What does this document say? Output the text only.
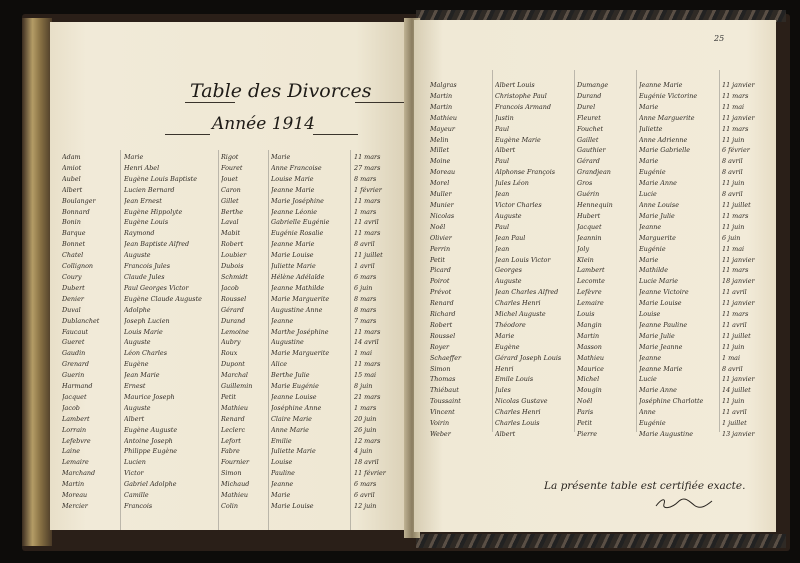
Table des Divorces
Année 1914
Adam
Amiot
Aubel
Albert
Boulanger
Bonnard
Bonin
Barque
Bonnet
Chatel
Collignon
Coury
Dubert
Denier
Duval
Dublanchet
Faucaut
Gueret
Gaudin
Grenard
Guerin
Harmand
Jacquet
Jacob
Lambert
Lorrain
Lefebvre
Laine
Lemaire
Marchand
Martin
Moreau
Mercier
Marie
Henri Abel
Eugène Louis Baptiste
Lucien Bernard
Jean Ernest
Eugène Hippolyte
Eugène Louis
Raymond
Jean Baptiste Alfred
Auguste
Francois Jules
Claude Jules
Paul Georges Victor
Eugène Claude Auguste
Adolphe
Joseph Lucien
Louis Marie
Auguste
Léon Charles
Eugène
Jean Marie
Ernest
Maurice Joseph
Auguste
Albert
Eugène Auguste
Antoine Joseph
Philippe Eugène
Lucien
Victor
Gabriel Adolphe
Camille
Francois
Rigot
Fouret
Jouet
Caron
Gillet
Berthe
Laval
Mabit
Robert
Loubier
Dubois
Schmidt
Jacob
Roussel
Gérard
Durand
Lemoine
Aubry
Roux
Dupont
Marchal
Guillemin
Petit
Mathieu
Renard
Leclerc
Lefort
Fabre
Fournier
Simon
Michaud
Mathieu
Colin
Marie
Anne Francoise
Louise Marie
Jeanne Marie
Marie Joséphine
Jeanne Léonie
Gabrielle Eugénie
Eugénie Rosalie
Jeanne Marie
Marie Louise
Juliette Marie
Hélène Adélaïde
Jeanne Mathilde
Marie Marguerite
Augustine Anne
Jeanne
Marthe Joséphine
Augustine
Marie Marguerite
Alice
Berthe Julie
Marie Eugénie
Jeanne Louise
Joséphine Anne
Claire Marie
Anne Marie
Emilie
Juliette Marie
Louise
Pauline
Jeanne
Marie
Marie Louise
11 mars
27 mars
8 mars
1 février
11 mars
1 mars
11 avril
11 mars
8 avril
11 juillet
1 avril
6 mars
6 juin
8 mars
8 mars
7 mars
11 mars
14 avril
1 mai
11 mars
15 mai
8 juin
21 mars
1 mars
20 juin
26 juin
12 mars
4 juin
18 avril
11 février
6 mars
6 avril
12 juin
25
Malgras
Martin
Martin
Mathieu
Mayeur
Melin
Millet
Moine
Moreau
Morel
Muller
Munier
Nicolas
Noël
Olivier
Perrin
Petit
Picard
Poirot
Prévot
Renard
Richard
Robert
Roussel
Royer
Schaeffer
Simon
Thomas
Thiébaut
Toussaint
Vincent
Voirin
Weber
Albert Louis
Christophe Paul
Francois Armand
Justin
Paul
Eugène Marie
Albert
Paul
Alphonse François
Jules Léon
Jean
Victor Charles
Auguste
Paul
Jean Paul
Jean
Jean Louis Victor
Georges
Auguste
Jean Charles Alfred
Charles Henri
Michel Auguste
Théodore
Marie
Eugène
Gérard Joseph Louis
Henri
Emile Louis
Jules
Nicolas Gustave
Charles Henri
Charles Louis
Albert
Dumange
Durand
Durel
Fleuret
Fouchet
Gaillet
Gauthier
Gérard
Grandjean
Gros
Guérin
Hennequin
Hubert
Jacquet
Jeannin
Joly
Klein
Lambert
Lecomte
Lefèvre
Lemaire
Louis
Mangin
Martin
Masson
Mathieu
Maurice
Michel
Mougin
Noël
Paris
Petit
Pierre
Jeanne Marie
Eugénie Victorine
Marie
Anne Marguerite
Juliette
Anne Adrienne
Marie Gabrielle
Marie
Eugénie
Marie Anne
Lucie
Anne Louise
Marie Julie
Jeanne
Marguerite
Eugénie
Marie
Mathilde
Lucie Marie
Jeanne Victoire
Marie Louise
Louise
Jeanne Pauline
Marie Julie
Marie Jeanne
Jeanne
Jeanne Marie
Lucie
Marie Anne
Joséphine Charlotte
Anne
Eugénie
Marie Augustine
11 janvier
11 mars
11 mai
11 janvier
11 mars
11 juin
6 février
8 avril
8 avril
11 juin
8 avril
11 juillet
11 mars
11 juin
6 juin
11 mai
11 janvier
11 mars
18 janvier
11 avril
11 janvier
11 mars
11 avril
11 juillet
11 juin
1 mai
8 avril
11 janvier
14 juillet
11 juin
11 avril
1 juillet
13 janvier
La présente table est certifiée exacte.
